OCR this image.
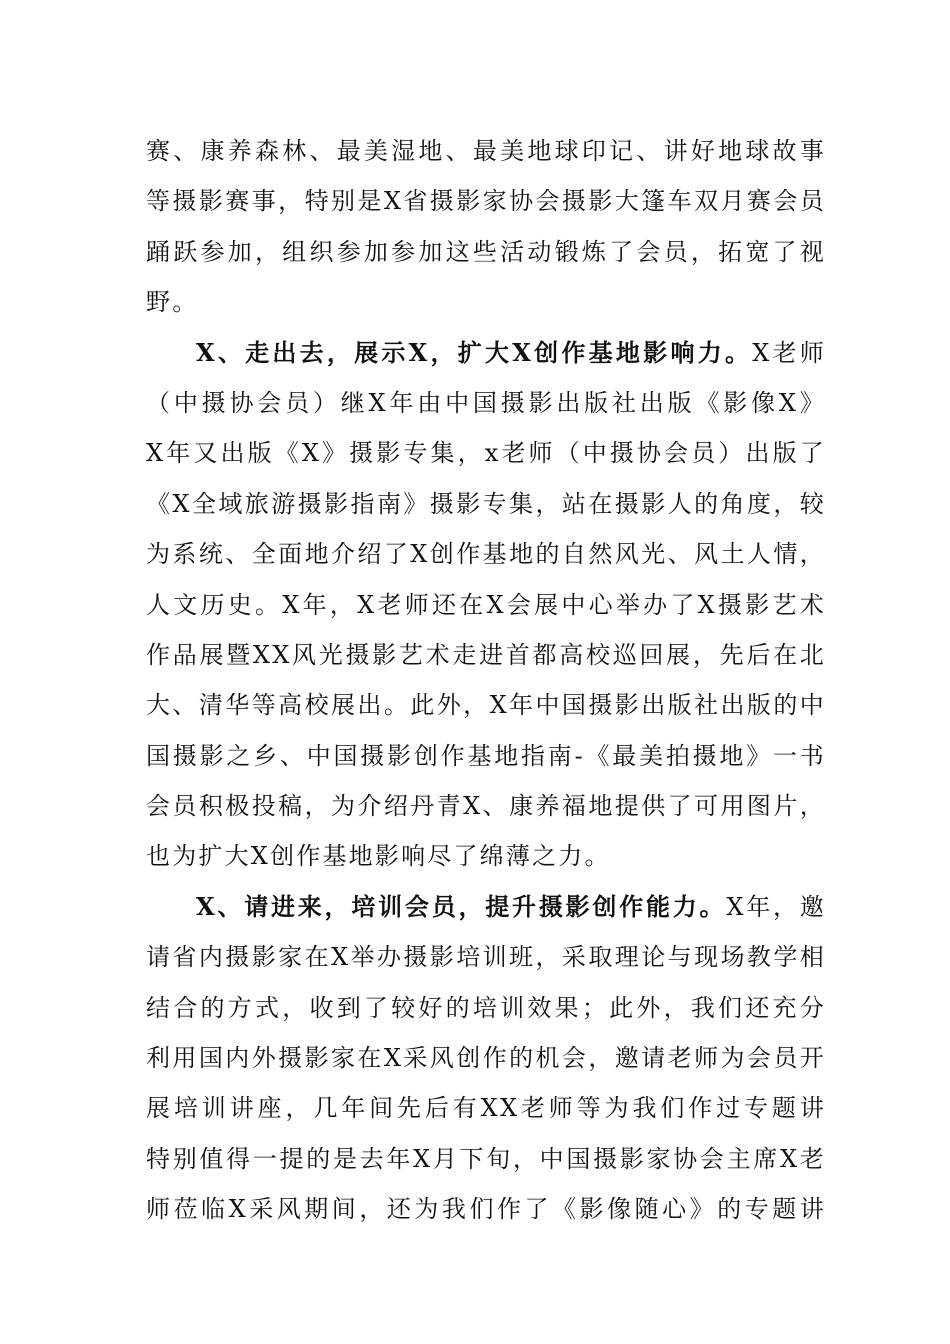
赛、康养森林、最美湿地、最美地球印记、讲好地球故事
等摄影赛事，特别是X省摄影家协会摄影大篷车双月赛会员
踊跃参加，组织参加参加这些活动锻炼了会员，拓宽了视
野。
X、走出去，展示X，扩大X创作基地影响力。X老师
（中摄协会员）继X年由中国摄影出版社出版《影像X》
X年又出版《X》摄影专集，x老师（中摄协会员）出版了
《X全域旅游摄影指南》摄影专集，站在摄影人的角度，较
为系统、全面地介绍了X创作基地的自然风光、风土人情，
人文历史。X年，X老师还在X会展中心举办了X摄影艺术
作品展暨XX风光摄影艺术走进首都高校巡回展，先后在北
大、清华等高校展出。此外，X年中国摄影出版社出版的中
国摄影之乡、中国摄影创作基地指南-《最美拍摄地》一书
会员积极投稿，为介绍丹青X、康养福地提供了可用图片，
也为扩大X创作基地影响尽了绵薄之力。
X、请进来，培训会员，提升摄影创作能力。X年，邀
请省内摄影家在X举办摄影培训班，采取理论与现场教学相
结合的方式，收到了较好的培训效果；此外，我们还充分
利用国内外摄影家在X采风创作的机会，邀请老师为会员开
展培训讲座，几年间先后有XX老师等为我们作过专题讲
特别值得一提的是去年X月下旬，中国摄影家协会主席X老
师莅临X采风期间，还为我们作了《影像随心》的专题讲
